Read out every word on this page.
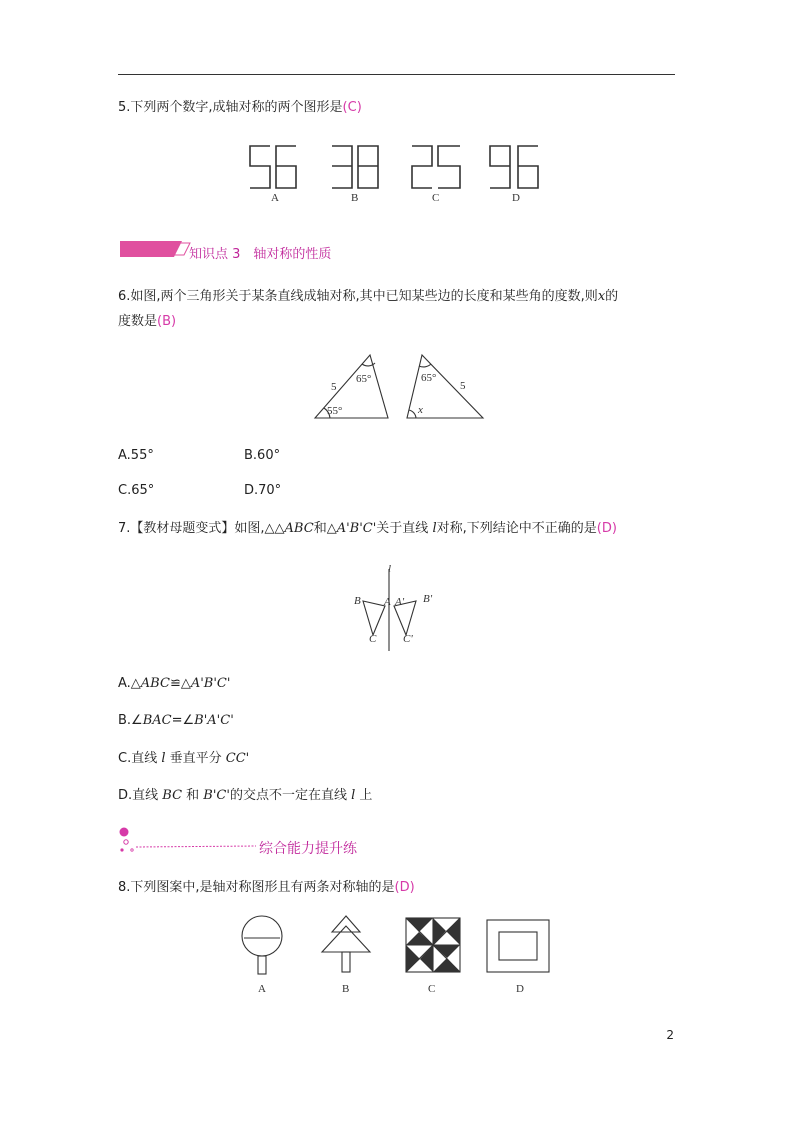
5.下列两个数字,成轴对称的两个图形是(C)
A	B	C	D
知识点 3　轴对称的性质
6.如图,两个三角形关于某条直线成轴对称,其中已知某些边的长度和某些角的度数,则x的
度数是(B)
5
65°
55°
65°
5
x
A.55°	B.60°
C.65°	D.70°
7.【教材母题变式】如图,△△ABC和△A'B'C'关于直线 l对称,下列结论中不正确的是(D)
l
B A
C
A' B'
C'
A.△ABC≌△A'B'C'
B.∠BAC=∠B'A'C'
C.直线 l 垂直平分 CC'
D.直线 BC 和 B'C'的交点不一定在直线 l 上
综合能力提升练
8.下列图案中,是轴对称图形且有两条对称轴的是(D)
A	B	C	D
2
